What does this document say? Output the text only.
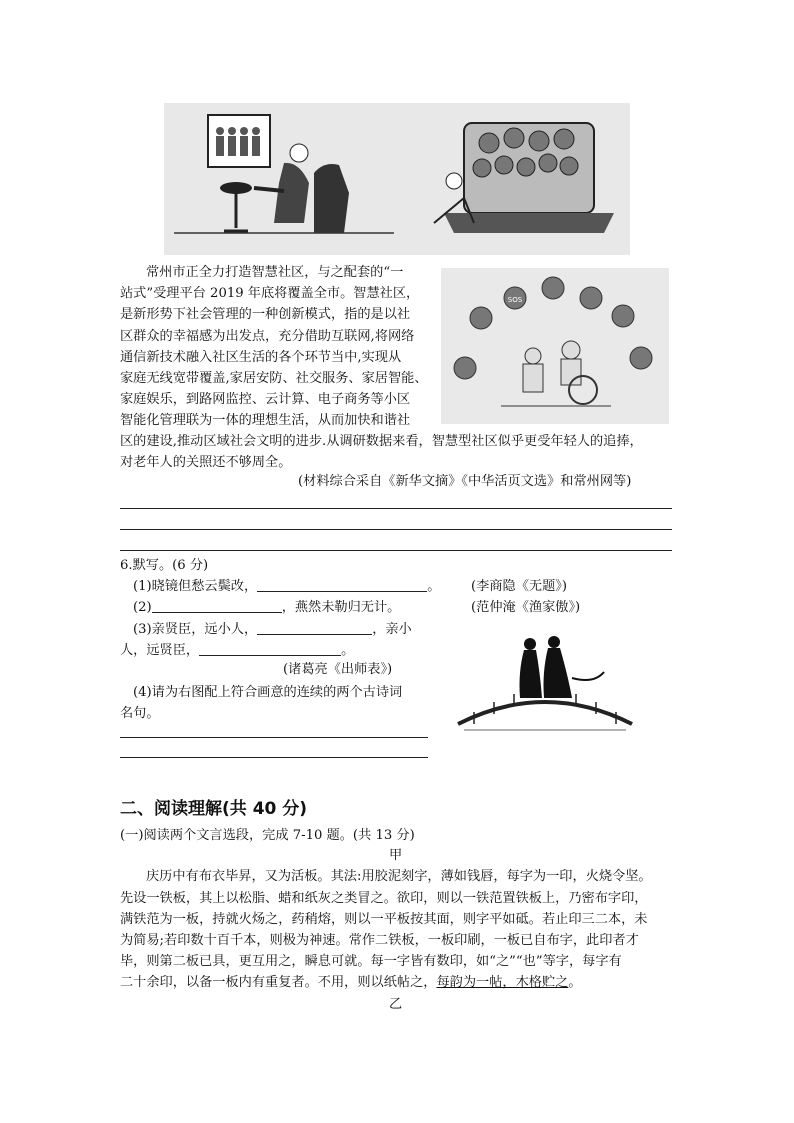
常州市正全力打造智慧社区，与之配套的“一
站式”受理平台 2019 年底将覆盖全市。智慧社区，
是新形势下社会管理的一种创新模式，指的是以社
区群众的幸福感为出发点，充分借助互联网,将网络
通信新技术融入社区生活的各个环节当中,实现从
家庭无线宽带覆盖,家居安防、社交服务、家居智能、
家庭娱乐，到路网监控、云计算、电子商务等小区
智能化管理联为一体的理想生活，从而加快和谐社
区的建设,推动区域社会文明的进步.从调研数据来看，智慧型社区似乎更受年轻人的追捧，
对老年人的关照还不够周全。
SOS
(材料综合采自《新华文摘》《中华活页文选》和常州网等)
6.默写。(6 分)
(1)晓镜但愁云鬓改，	。 (李商隐《无题》)
(2)	，燕然未勒归无计。	(范仲淹《渔家傲》)
(3)亲贤臣，远小人，	，亲小
人，远贤臣，	。
(诸葛亮《出师表》)
(4)请为右图配上符合画意的连续的两个古诗词
名句。
二、阅读理解(共 40 分)
(一)阅读两个文言选段，完成 7-10 题。(共 13 分)
甲
庆历中有布衣毕昇，又为活板。其法:用胶泥刻字，薄如钱唇，每字为一印，火烧令坚。
先设一铁板，其上以松脂、蜡和纸灰之类冒之。欲印，则以一铁范置铁板上，乃密布字印，
满铁范为一板，持就火炀之，药稍熔，则以一平板按其面，则字平如砥。若止印三二本，未
为简易;若印数十百千本，则极为神速。常作二铁板，一板印刷，一板已自布字，此印者才
毕，则第二板已具，更互用之，瞬息可就。每一字皆有数印，如“之”“也”等字，每字有
二十余印，以备一板内有重复者。不用，则以纸帖之，每韵为一帖，木格贮之。
乙
